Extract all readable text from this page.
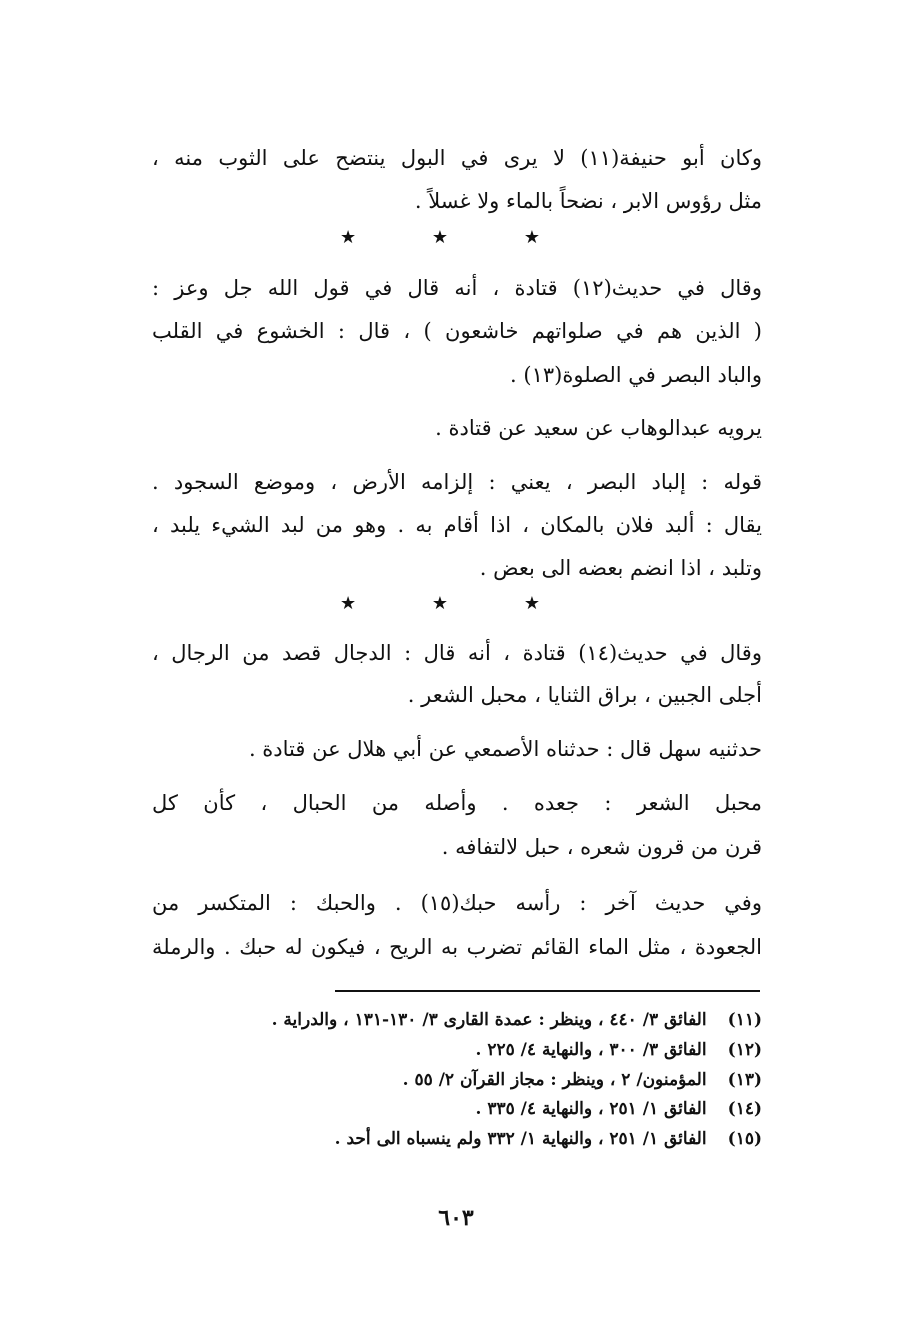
وكان أبو حنيفة(١١) لا يرى في البول ينتضح على الثوب منه ،
مثل رؤوس الابر ، نضحاً بالماء ولا غسلاً .
★	★	★
وقال في حديث(١٢) قتادة ، أنه قال في قول الله جل وعز :
( الذين هم في صلواتهم خاشعون ) ، قال : الخشوع في القلب
والباد البصر في الصلوة(١٣) .
يرويه عبدالوهاب عن سعيد عن قتادة .
قوله : إلباد البصر ، يعني : إلزامه الأرض ، وموضع السجود .
يقال : ألبد فلان بالمكان ، اذا أقام به . وهو من لبد الشيء يلبد ،
وتلبد ، اذا انضم بعضه الى بعض .
★	★	★
وقال في حديث(١٤) قتادة ، أنه قال : الدجال قصد من الرجال ،
أجلى الجبين ، براق الثنايا ، محبل الشعر .
حدثنيه سهل قال : حدثناه الأصمعي عن أبي هلال عن قتادة .
محبل الشعر : جعده . وأصله من الحبال ، كأن كل
قرن من قرون شعره ، حبل لالتفافه .
وفي حديث آخر : رأسه حبك(١٥) . والحبك : المتكسر من
الجعودة ، مثل الماء القائم تضرب به الريح ، فيكون له حبك . والرملة
(١١) الفائق ٣/ ٤٤٠ ، وينظر : عمدة القارى ٣/ ١٣٠-١٣١ ، والدراية .
(١٢) الفائق ٣/ ٣٠٠ ، والنهاية ٤/ ٢٢٥ .
(١٣) المؤمنون/ ٢ ، وينظر : مجاز القرآن ٢/ ٥٥ .
(١٤) الفائق ١/ ٢٥١ ، والنهاية ٤/ ٣٣٥ .
(١٥) الفائق ١/ ٢٥١ ، والنهاية ١/ ٣٣٢ ولم ينسباه الى أحد .
٦٠٣
